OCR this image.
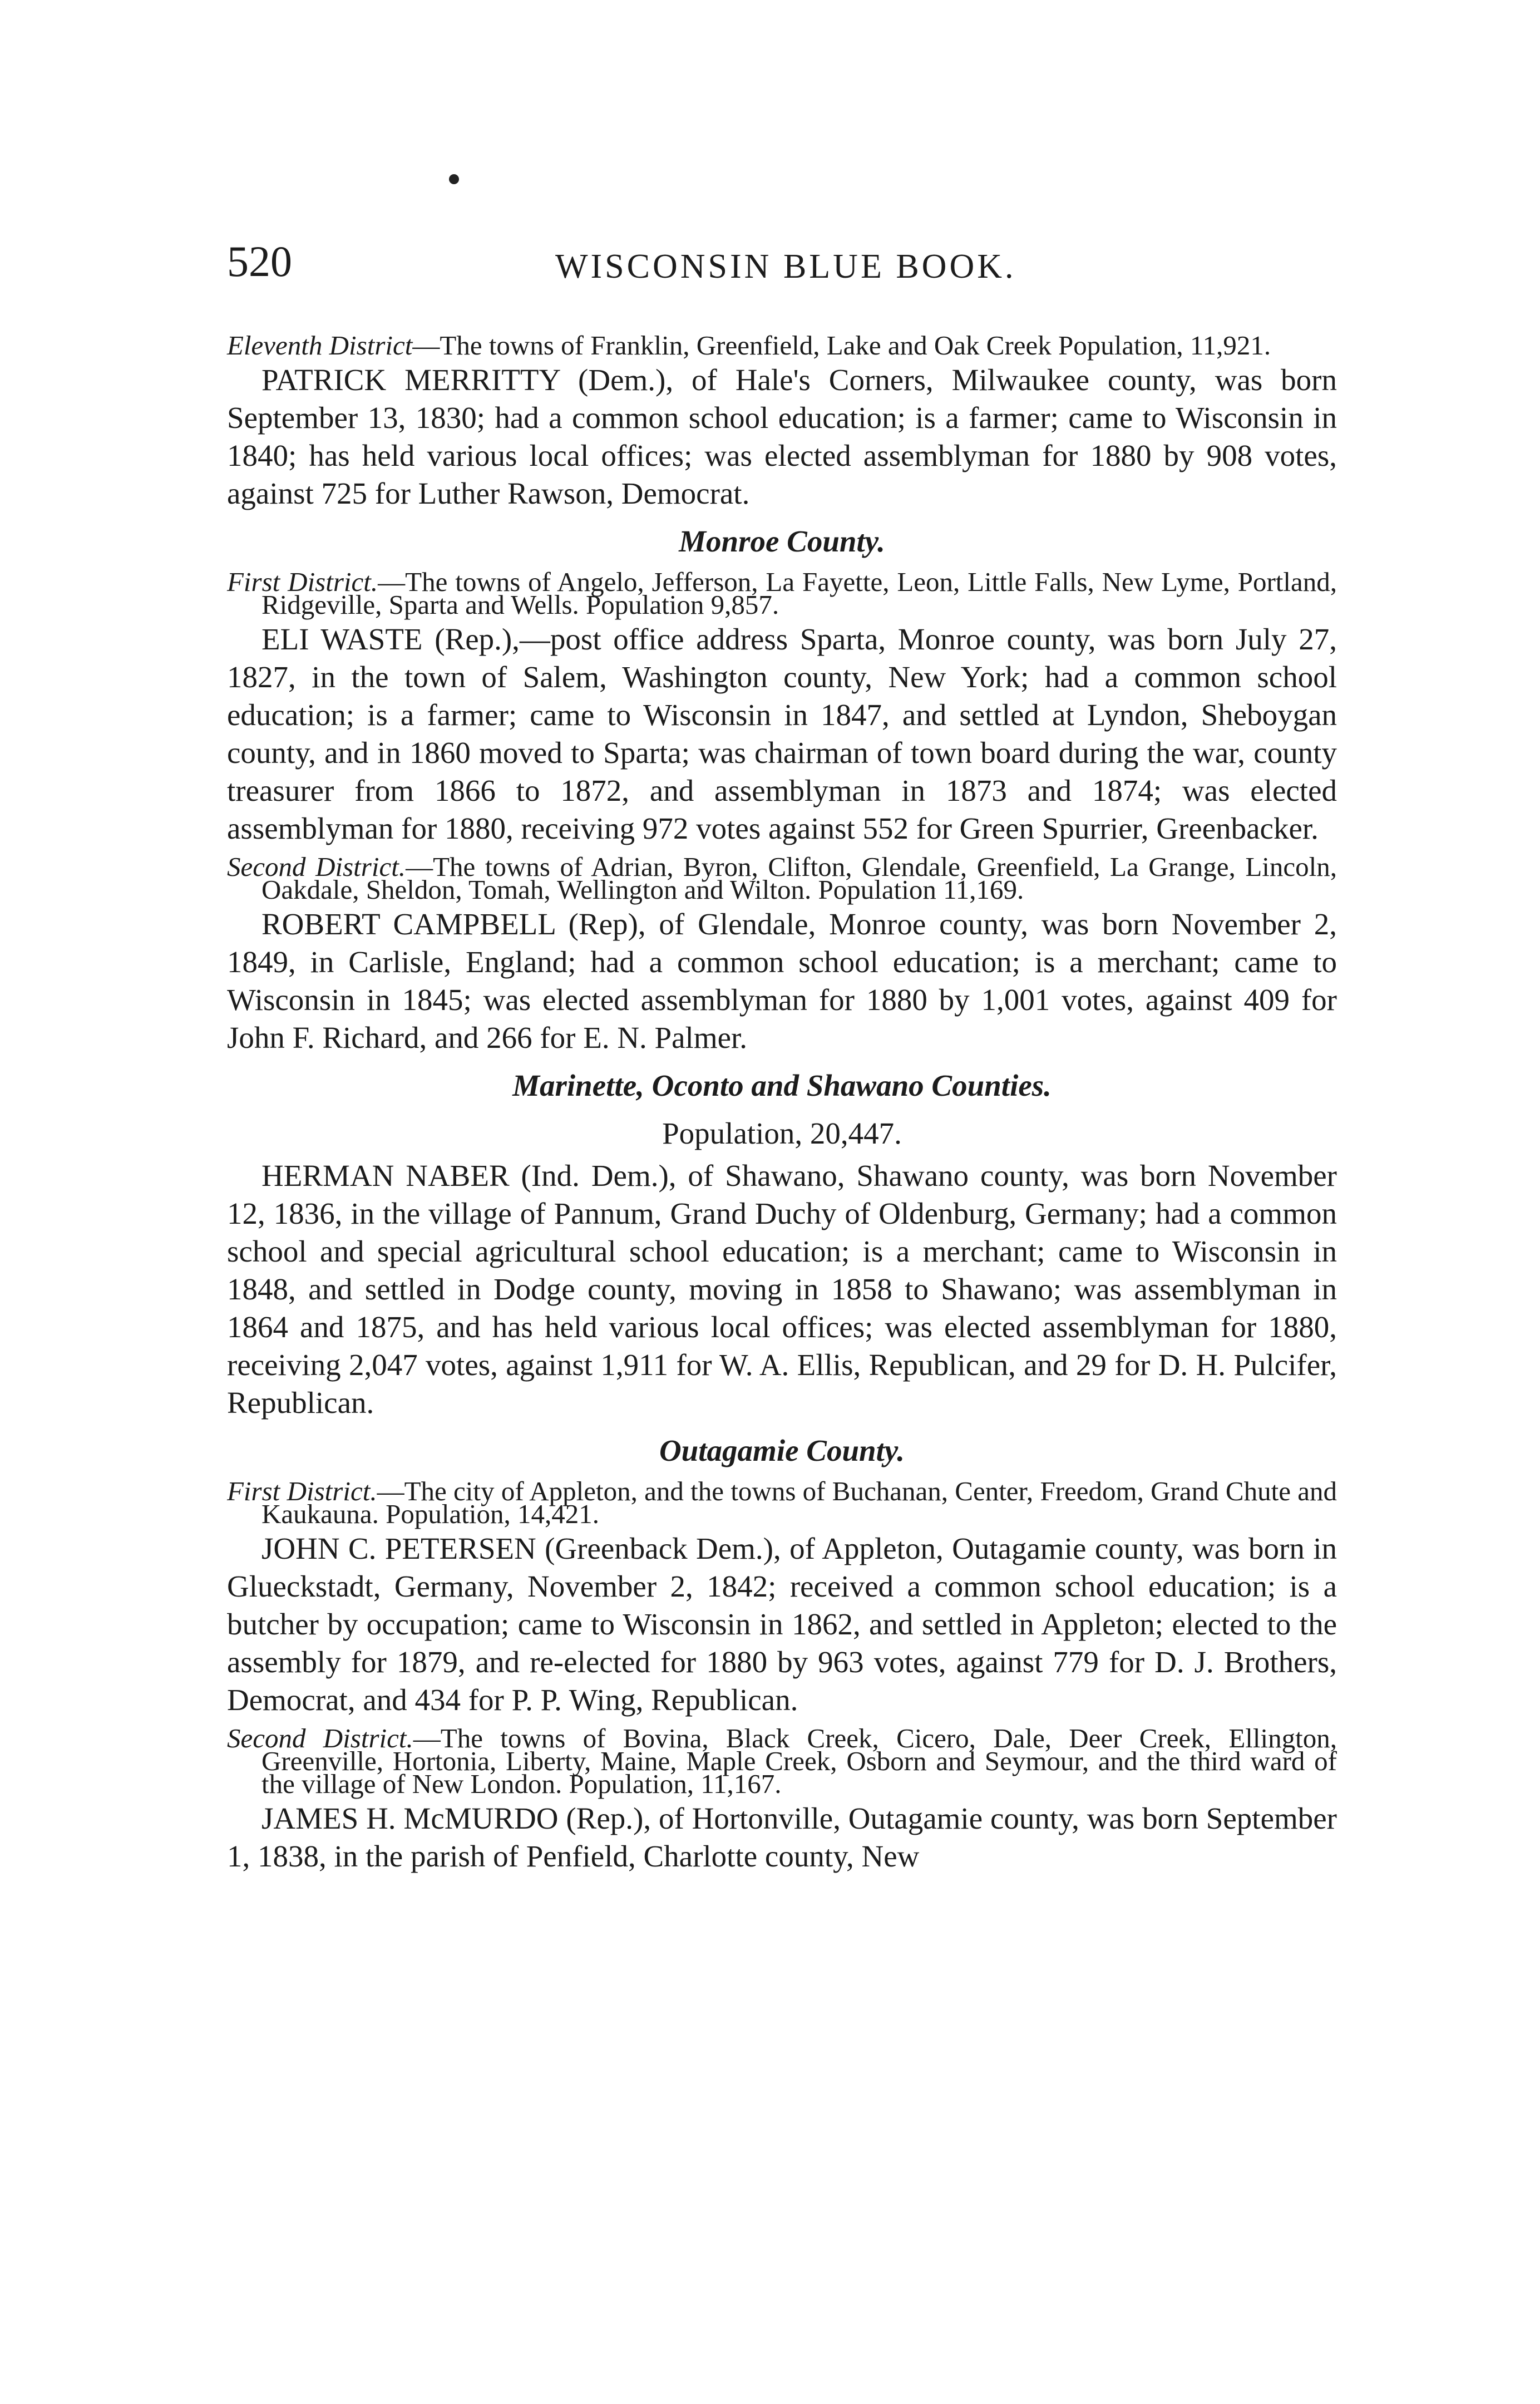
520	WISCONSIN BLUE BOOK.

Eleventh District—The towns of Franklin, Greenfield, Lake and Oak Creek Population, 11,921.

PATRICK MERRITTY (Dem.), of Hale's Corners, Milwaukee county, was born September 13, 1830; had a common school education; is a farmer; came to Wisconsin in 1840; has held various local offices; was elected assemblyman for 1880 by 908 votes, against 725 for Luther Rawson, Democrat.

Monroe County.

First District.—The towns of Angelo, Jefferson, La Fayette, Leon, Little Falls, New Lyme, Portland, Ridgeville, Sparta and Wells. Population 9,857.

ELI WASTE (Rep.),—post office address Sparta, Monroe county, was born July 27, 1827, in the town of Salem, Washington county, New York; had a common school education; is a farmer; came to Wisconsin in 1847, and settled at Lyndon, Sheboygan county, and in 1860 moved to Sparta; was chairman of town board during the war, county treasurer from 1866 to 1872, and assemblyman in 1873 and 1874; was elected assemblyman for 1880, receiving 972 votes against 552 for Green Spurrier, Greenbacker.

Second District.—The towns of Adrian, Byron, Clifton, Glendale, Greenfield, La Grange, Lincoln, Oakdale, Sheldon, Tomah, Wellington and Wilton. Population 11,169.

ROBERT CAMPBELL (Rep), of Glendale, Monroe county, was born November 2, 1849, in Carlisle, England; had a common school education; is a merchant; came to Wisconsin in 1845; was elected assemblyman for 1880 by 1,001 votes, against 409 for John F. Richard, and 266 for E. N. Palmer.

Marinette, Oconto and Shawano Counties.

Population, 20,447.

HERMAN NABER (Ind. Dem.), of Shawano, Shawano county, was born November 12, 1836, in the village of Pannum, Grand Duchy of Oldenburg, Germany; had a common school and special agricultural school education; is a merchant; came to Wisconsin in 1848, and settled in Dodge county, moving in 1858 to Shawano; was assemblyman in 1864 and 1875, and has held various local offices; was elected assemblyman for 1880, receiving 2,047 votes, against 1,911 for W. A. Ellis, Republican, and 29 for D. H. Pulcifer, Republican.

Outagamie County.

First District.—The city of Appleton, and the towns of Buchanan, Center, Freedom, Grand Chute and Kaukauna. Population, 14,421.

JOHN C. PETERSEN (Greenback Dem.), of Appleton, Outagamie county, was born in Glueckstadt, Germany, November 2, 1842; received a common school education; is a butcher by occupation; came to Wisconsin in 1862, and settled in Appleton; elected to the assembly for 1879, and re-elected for 1880 by 963 votes, against 779 for D. J. Brothers, Democrat, and 434 for P. P. Wing, Republican.

Second District.—The towns of Bovina, Black Creek, Cicero, Dale, Deer Creek, Ellington, Greenville, Hortonia, Liberty, Maine, Maple Creek, Osborn and Seymour, and the third ward of the village of New London. Population, 11,167.

JAMES H. McMURDO (Rep.), of Hortonville, Outagamie county, was born September 1, 1838, in the parish of Penfield, Charlotte county, New
